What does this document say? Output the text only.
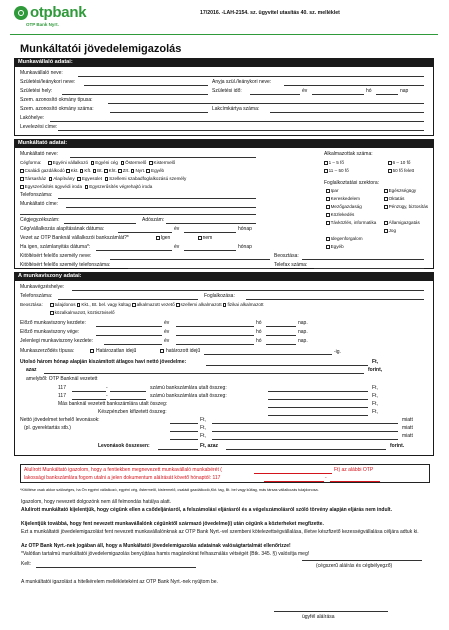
otpbank
OTP Bank Nyrt.
17/2016. -LAH-2154. sz. ügyvitel utasítás 40. sz. melléklet
Munkáltatói jövedelemigazolás
Munkavállaló adatai:
Munkavállaló neve:
Születési/leánykori neve:	Anyja szül./leánykori neve:
Születési hely:	Születési idő:	év	hó	nap
Szem. azonosító okmány típusa:
Szem. azonosító okmány száma:	Lakcímkártya száma:
Lakóhelye:
Levelezési címe:
Munkáltató adatai:
Munkáltató neve:
Cégforma:	Egyéni vállalkozó Egyéni cég Őstermelő Kistermelő
Családi gazdálkodó Kkt. Kft. Bt. Kht. Zrt. Nyrt. Egyéb
Társasház Alapítvány Egyesület Szellemi szabadfoglalkozású személy
Egyszerűsítés ügyvédi iroda Egyszerűsítés végrehajtó iroda
Telefonszáma:
Munkáltató címe:
Cégjegyzékszám:	Adószám:
Cég/vállalkozás alapításának dátuma:	év	hónap
Vezet az OTP Banknál vállalkozói bankszámlát?*	Igen	nem
Ha igen, számlanyitás dátuma*:	év	hónap
Kitöltésért felelős személy neve:	Beosztása:
Kitöltésért felelős személy telefonszáma:	Telefax száma:
Alkalmazottak száma:
1 – 5 fő	6 – 10 fő
11 – 50 fő	50 fő felett
Foglalkoztatási szektora:
Ipar
Kereskedelem
Mezőgazdaság
Közlekedés
Távközlés, informatika
Idegenforgalom
Egyéb
Egészségügy
Oktatás
Pénzügy, biztosítás
Államigazgatás
Jog
A munkaviszony adatai:
Munkavégzéshelye:
Telefonszáma:	Foglalkozása:
Beosztása:	tulajdonos Kkt., Bt. bel. vagy kültag alkalmazott vezető szellemi alkalmazott fizikai alkalmazott
közalkalmazott, köztisztviselő
Előző munkaviszony kezdete:	év	hó	nap.
Előző munkaviszony vége:	év	hó	nap.
Jelenlegi munkaviszony kezdete:	év	hó	nap.
Munkaszerződés típusa:	Határozatlan idejű	határozott idejű	-ig.
Utolsó három hónap alapján kiszámított átlagos havi nettó jövedelme:	Ft,
azaz	forint,
amelyből: OTP Banknál vezetett
117	-	számú bankszámlára utalt összeg:	Ft,
117	-	számú bankszámlára utalt összeg:	Ft,
Más banknál vezetett bankszámlára utalt összeg:	Ft,
Készpénzben kifizetett összeg:	Ft,
Nettó jövedelmet terhelő levonások:	Ft,	miatt
(pl. gyerektartás stb.)	Ft,	miatt
Ft,	miatt
Levonások összesen:	Ft, azaz	forint.
Alulírott Munkáltató igazolom, hogy a fentiekben megnevezett munkavállaló munkabérét (	Ft) az alábbi OTP
lakossági bankszámlára fogom utalni a jelen dokumentum aláírását követő hónaptól: 117	-
*Kitöltése csak akkor szükséges, ha Ön egyéni vállalkozó, egyéni cég, őstermelő, kistermelő, családi gazdálkodó,Kkt. tag, Bt. bel vagy kültag, más társas vállalkozás tulajdonosa.
Igazolom, hogy nevezett dolgozónk nem áll felmondás hatálya alatt.
Alulírott munkáltató kijelentjük, hogy cégünk ellen a csődeljárásról, a felszámolási eljárásról és a végelszámolásról szóló törvény alapján eljárás nem indult.
Kijelentjük továbbá, hogy fent nevezett munkavállalónk cégünktől származó jövedelme(i) után cégünk a közterheket megfizette.
Ezt a munkáltatói jövedelemigazolást fent nevezett munkavállalónknak az OTP Bank Nyrt.-vel szembeni kötelezettségvállalása, illetve készfizető kezességvállalása céljára adtuk ki.
Az OTP Bank Nyrt.-nek jogában áll, hogy a Munkáltatói jövedelemigazolás adatainak valóságtartalmát ellenőrizze!
*Valótlan tartalmú munkáltatói jövedelemigazolás benyújtása hamis magánokirat felhasználás vétségét (Btk. 345. §) valósítja meg!
Kelt:	(cégszerű aláírás és cégbélyegző)
A munkáltatói igazolást a hitelkérelem mellékleteként az OTP Bank Nyrt.-nek nyújtom be.
ügyfél aláírása
